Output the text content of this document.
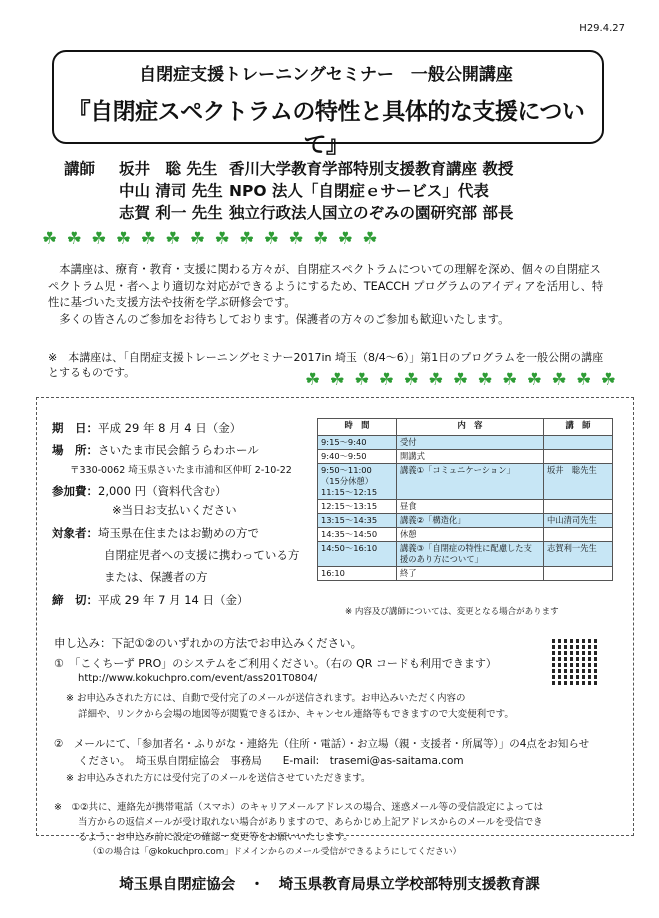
H29.4.27
自閉症支援トレーニングセミナー　一般公開講座
『自閉症スペクトラムの特性と具体的な支援について』
講師 坂井　聡 先生 香川大学教育学部特別支援教育講座 教授
中山 清司 先生 NPO 法人「自閉症ｅサービス」代表
志賀 利一 先生 独立行政法人国立のぞみの園研究部 部長
☘ ☘ ☘ ☘ ☘ ☘ ☘ ☘ ☘ ☘ ☘ ☘ ☘ ☘

本講座は、療育・教育・支援に関わる方々が、自閉症スペクトラムについての理解を深め、個々の自閉症スペクトラム児・者へより適切な対応ができるようにするため、TEACCH プログラムのアイディアを活用し、特性に基づいた支援方法や技術を学ぶ研修会です。

多くの皆さんのご参加をお待ちしております。保護者の方々のご参加も歓迎いたします。

※　本講座は、「自閉症支援トレーニングセミナー2017in 埼玉（8/4～6）」第1日のプログラムを一般公開の講座とするものです。	☘ ☘ ☘ ☘ ☘ ☘ ☘ ☘ ☘ ☘ ☘ ☘ ☘
期　日：平成 29 年 8 月 4 日（金）
場　所：さいたま市民会館うらわホール
〒330-0062 埼玉県さいたま市浦和区仲町 2-10-22
参加費：2,000 円（資料代含む）
※当日お支払いください
対象者：埼玉県在住またはお勤めの方で
自閉症児者への支援に携わっている方
または、保護者の方
締　切：平成 29 年 7 月 14 日（金）
時　間	内　容	講　師
9:15～9:40	受付	
9:40～9:50	開講式	
9:50～11:00
（15分休憩）
11:15～12:15	講義①「コミュニケーション」	坂井　聡先生
12:15～13:15	昼食	
13:15～14:35	講義②「構造化」	中山清司先生
14:35～14:50	休憩	
14:50～16:10	講義③「自閉症の特性に配慮した支援のあり方について」	志賀利一先生
16:10	終了	
※ 内容及び講師については、変更となる場合があります
申し込み：下記①②のいずれかの方法でお申込みください。
①　「こくちーず PRO」のシステムをご利用ください。（右の QR コードも利用できます）
http://www.kokuchpro.com/event/ass201T0804/
※ お申込みされた方には、自動で受付完了のメールが送信されます。お申込みいただく内容の
詳細や、リンクから会場の地図等が閲覧できるほか、キャンセル連絡等もできますので大変便利です。
②　メールにて、「参加者名・ふりがな・連絡先（住所・電話）・お立場（親・支援者・所属等）」の4点をお知らせ
ください。　埼玉県自閉症協会　事務局　　E-mail:　trasemi@as-saitama.com
※ お申込みされた方には受付完了のメールを送信させていただきます。
※　①②共に、連絡先が携帯電話（スマホ）のキャリアメールアドレスの場合、迷惑メール等の受信設定によっては
当方からの返信メールが受け取れない場合がありますので、あらかじめ上記アドレスからのメールを受信でき
るよう、お申込み前に設定の確認・変更等をお願いいたします。
（①の場合は「@kokuchpro.com」ドメインからのメール受信ができるようにしてください）
埼玉県自閉症協会　・　埼玉県教育局県立学校部特別支援教育課
